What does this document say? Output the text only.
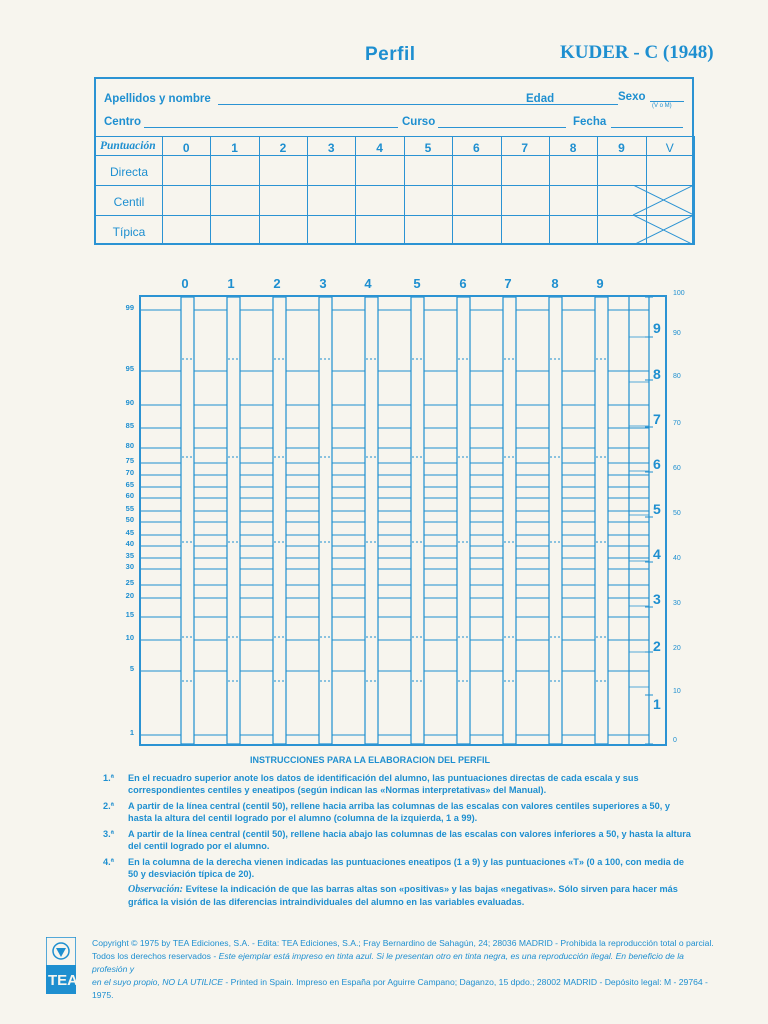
Perfil	KUDER - C (1948)
Apellidos y nombre	Edad	Sexo
(V o M)
Centro	Curso	Fecha
Puntuación	0	1	2	3	4	5	6	7	8	9	V
Directa
Centil
Típica
0	1	2	3	4	5	6	7	8	9
99
95
90
85
80
75
70
65
60
55
50
45
40
35
30
25
20
15
10
5
1
100
90
80
70
60
50
40
30
20
10
0
9
8
7
6
5
4
3
2
1
INSTRUCCIONES PARA LA ELABORACION DEL PERFIL
1.ª	En el recuadro superior anote los datos de identificación del alumno, las puntuaciones directas de cada escala y sus correspondientes centiles y eneatipos (según indican las «Normas interpretativas» del Manual).
2.ª	A partir de la línea central (centil 50), rellene hacia arriba las columnas de las escalas con valores centiles superiores a 50, y hasta la altura del centil logrado por el alumno (columna de la izquierda, 1 a 99).
3.ª	A partir de la línea central (centil 50), rellene hacia abajo las columnas de las escalas con valores inferiores a 50, y hasta la altura del centil logrado por el alumno.
4.ª	En la columna de la derecha vienen indicadas las puntuaciones eneatipos (1 a 9) y las puntuaciones «T» (0 a 100, con media de 50 y desviación típica de 20).
Observación: Evítese la indicación de que las barras altas son «positivas» y las bajas «negativas». Sólo sirven para hacer más gráfica la visión de las diferencias intraindividuales del alumno en las variables evaluadas.
TEA
Copyright © 1975 by TEA Ediciones, S.A. - Edita: TEA Ediciones, S.A.; Fray Bernardino de Sahagún, 24; 28036 MADRID - Prohibida la reproducción total o parcial.
Todos los derechos reservados - Este ejemplar está impreso en tinta azul. Si le presentan otro en tinta negra, es una reproducción ilegal. En beneficio de la profesión y
en el suyo propio, NO LA UTILICE - Printed in Spain. Impreso en España por Aguirre Campano; Daganzo, 15 dpdo.; 28002 MADRID - Depósito legal: M - 29764 - 1975.
